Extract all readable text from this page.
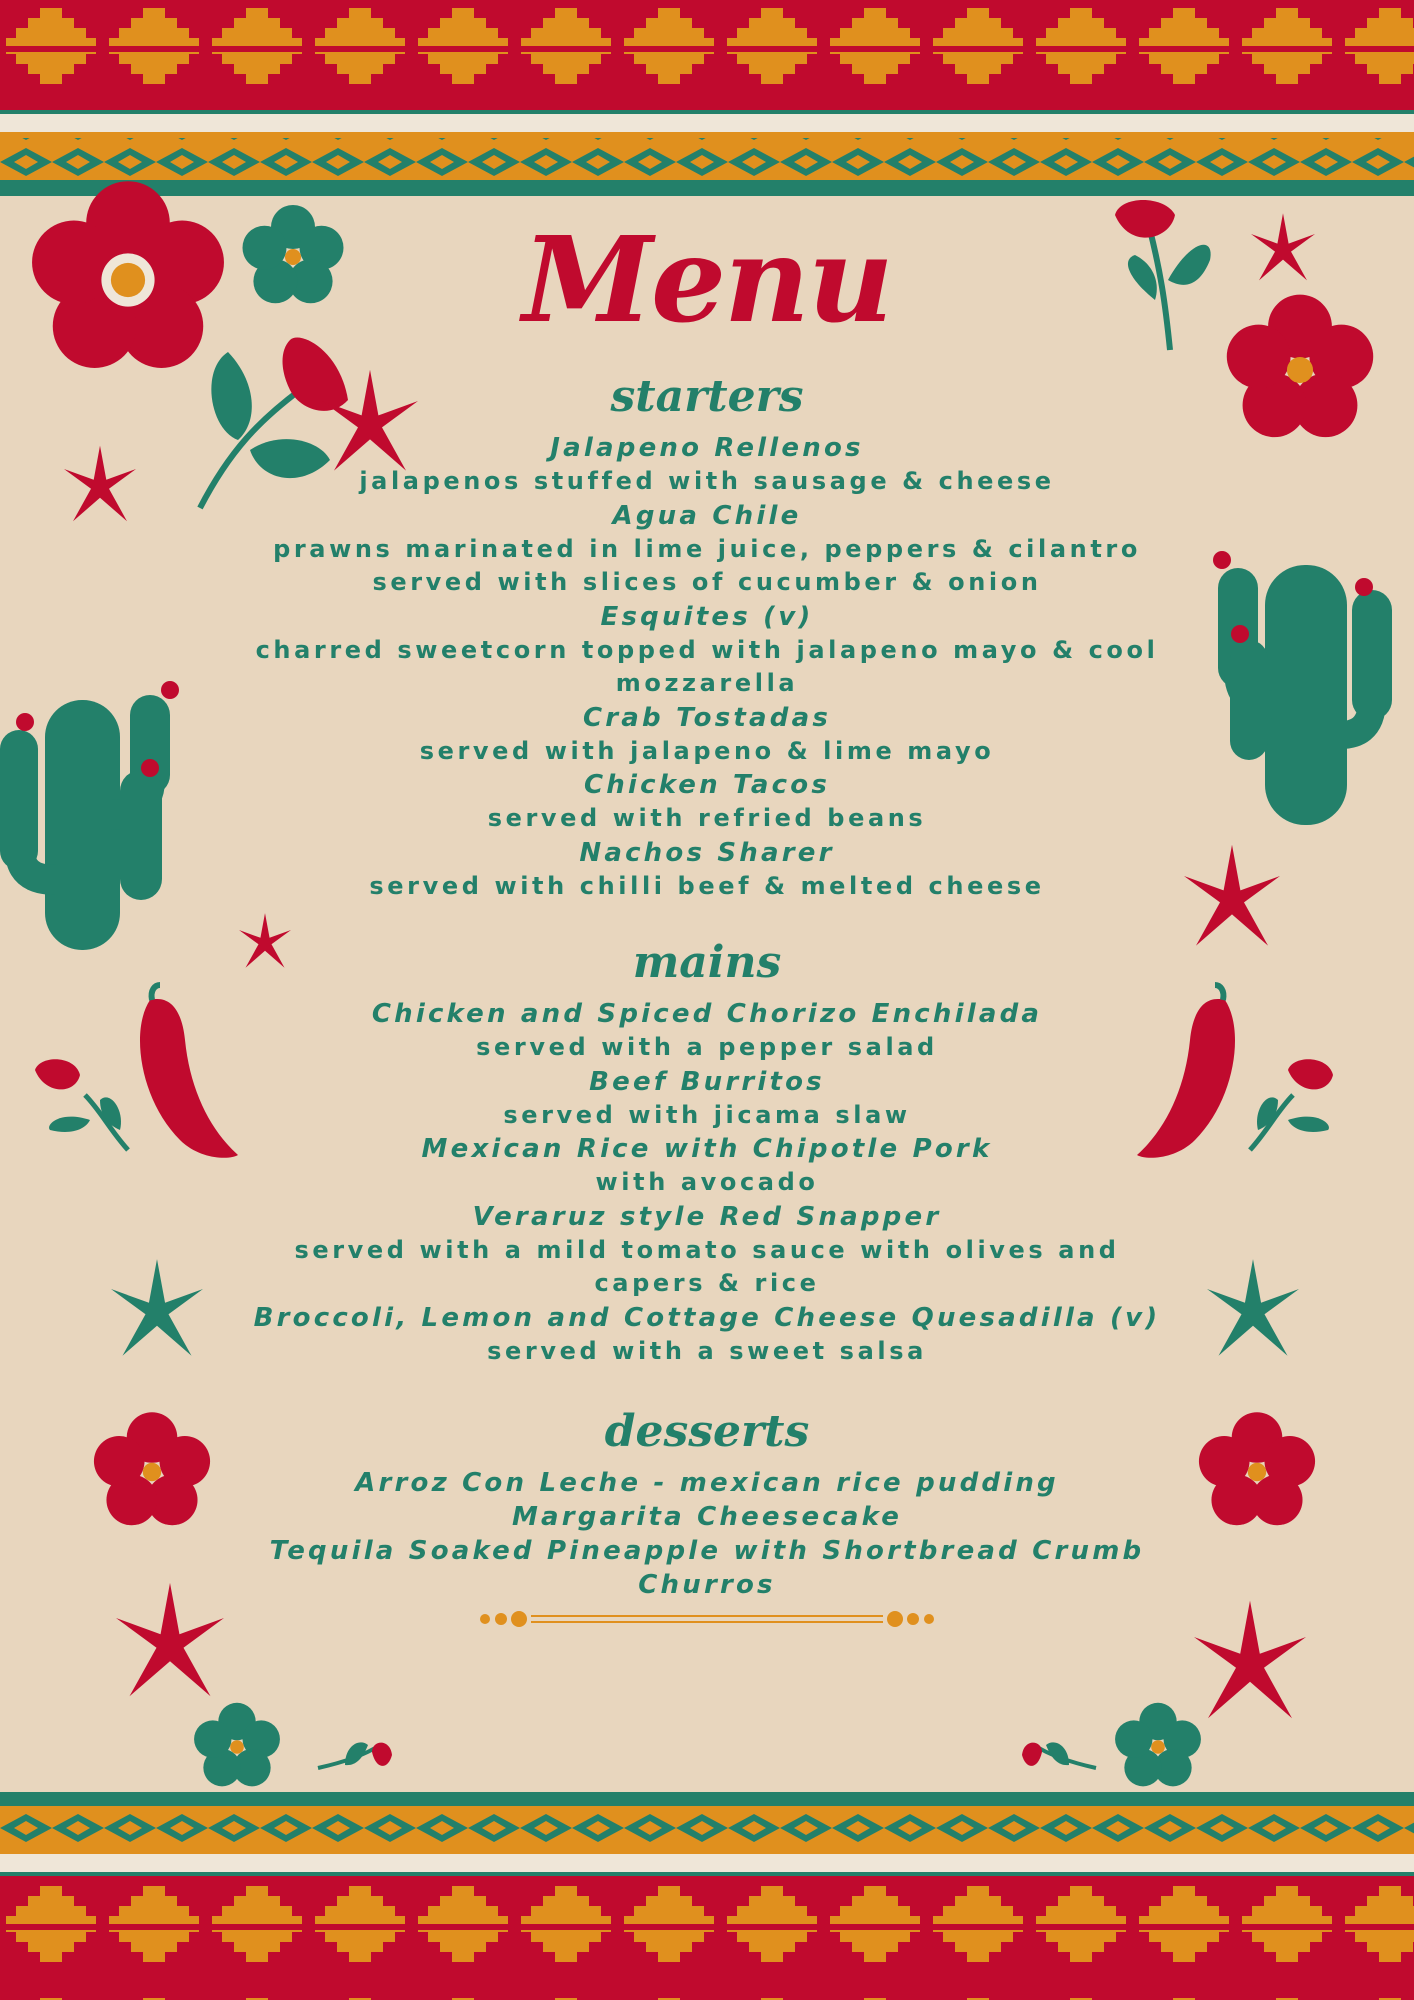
Menu
starters
Jalapeno Rellenos
jalapenos stuffed with sausage & cheese
Agua Chile
prawns marinated in lime juice, peppers & cilantro
served with slices of cucumber & onion
Esquites (v)
charred sweetcorn topped with jalapeno mayo & cool
mozzarella
Crab Tostadas
served with jalapeno & lime mayo
Chicken Tacos
served with refried beans
Nachos Sharer
served with chilli beef & melted cheese
mains
Chicken and Spiced Chorizo Enchilada
served with a pepper salad
Beef Burritos
served with jicama slaw
Mexican Rice with Chipotle Pork
with avocado
Veraruz style Red Snapper
served with a mild tomato sauce with olives and
capers & rice
Broccoli, Lemon and Cottage Cheese Quesadilla (v)
served with a sweet salsa
desserts
Arroz Con Leche - mexican rice pudding
Margarita Cheesecake
Tequila Soaked Pineapple with Shortbread Crumb
Churros
